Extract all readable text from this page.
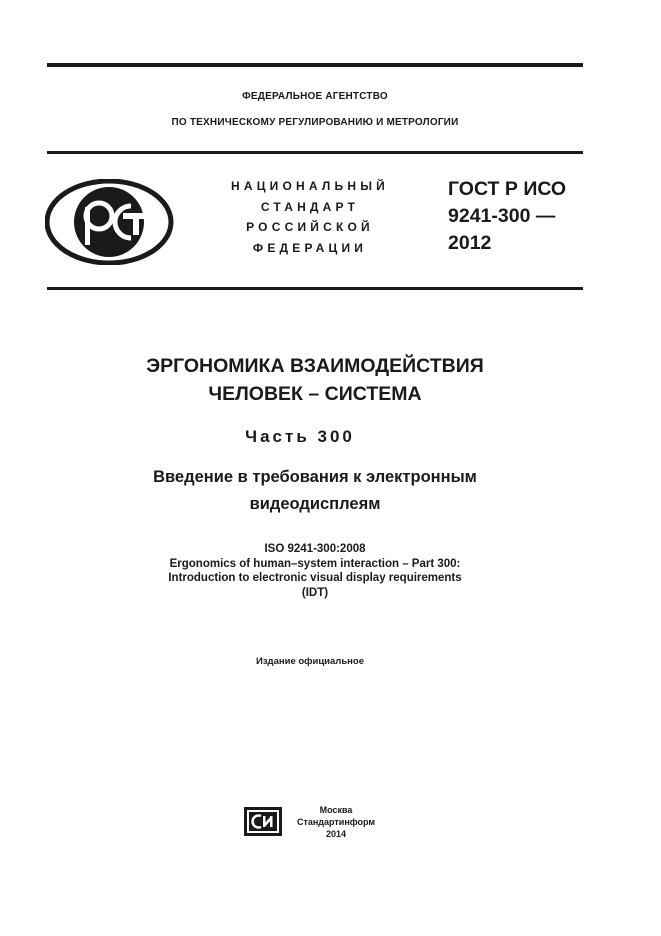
ФЕДЕРАЛЬНОЕ АГЕНТСТВО
ПО ТЕХНИЧЕСКОМУ РЕГУЛИРОВАНИЮ И МЕТРОЛОГИИ
НАЦИОНАЛЬНЫЙ
СТАНДАРТ
РОССИЙСКОЙ
ФЕДЕРАЦИИ
ГОСТ Р ИСО
9241-300 —
2012
ЭРГОНОМИКА ВЗАИМОДЕЙСТВИЯ
ЧЕЛОВЕК – СИСТЕМА
Часть 300
Введение в требования к электронным
видеодисплеям
ISO 9241-300:2008
Ergonomics of human–system interaction – Part 300:
Introduction to electronic visual display requirements
(IDT)
Издание официальное
Москва
Стандартинформ
2014
